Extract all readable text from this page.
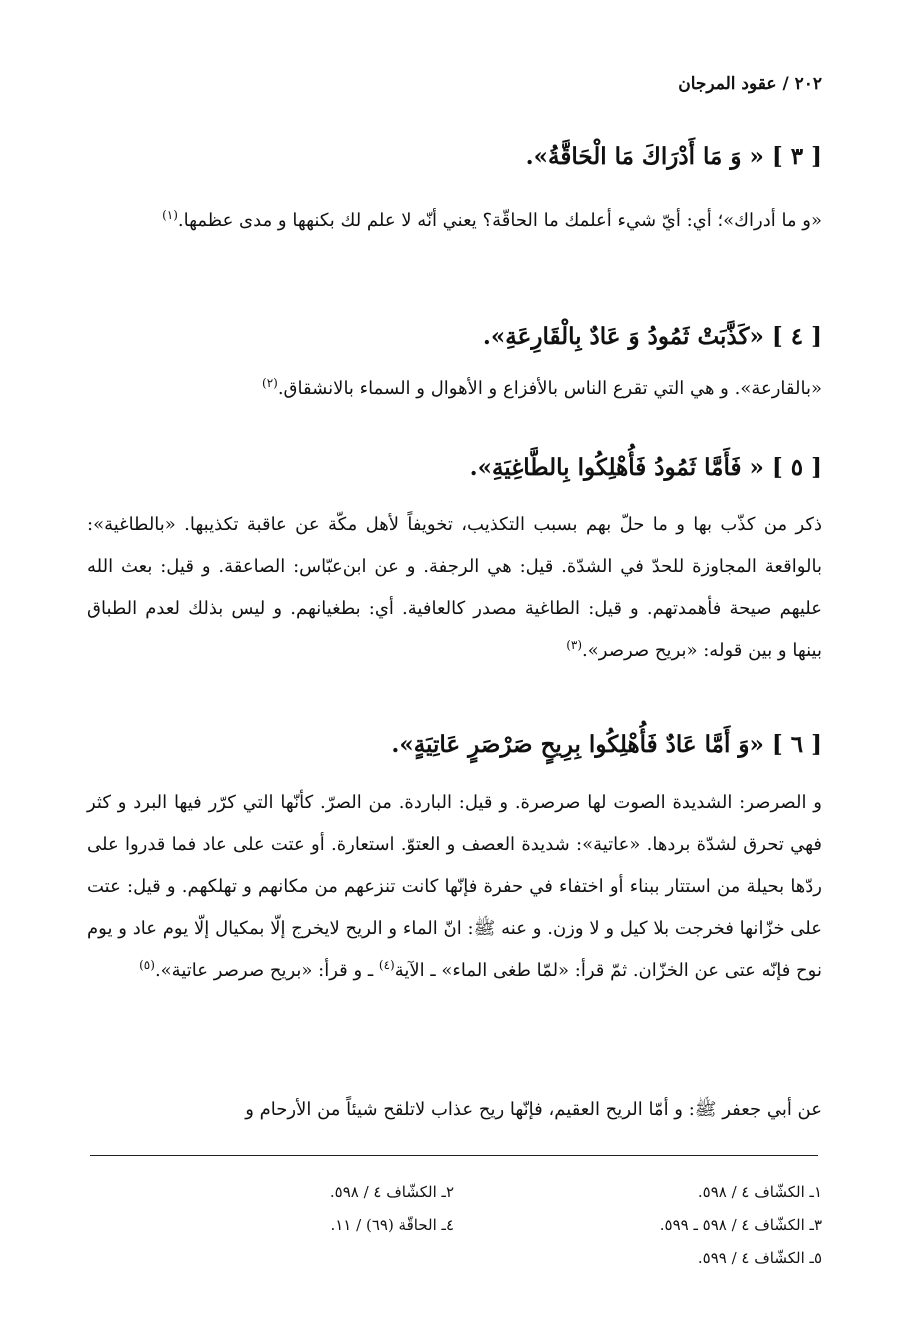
٢٠٢ / عقود المرجان
[ ٣ ] « وَ مَا أَدْرَاكَ مَا الْحَاقَّةُ».
«و ما أدراك»؛ أي: أيّ شيء أعلمك ما الحاقّة؟ يعني أنّه لا علم لك بكنهها و مدى عظمها.$^{(١)}$
[ ٤ ] «كَذَّبَتْ ثَمُودُ وَ عَادٌ بِالْقَارِعَةِ».
«بالقارعة». و هي التي تقرع الناس بالأفزاع و الأهوال و السماء بالانشقاق.$^{(٢)}$
[ ٥ ] « فَأَمَّا ثَمُودُ فَأُهْلِكُوا بِالطَّاغِيَةِ».
ذكر من كذّب بها و ما حلّ بهم بسبب التكذيب، تخويفاً لأهل مكّة عن عاقبة تكذيبها. «بالطاغية»: بالواقعة المجاوزة للحدّ في الشدّة. قيل: هي الرجفة. و عن ابن‌عبّاس: الصاعقة. و قيل: بعث الله عليهم صيحة فأهمدتهم. و قيل: الطاغية مصدر كالعافية. أي: بطغيانهم. و ليس بذلك لعدم الطباق بينها و بين قوله: «بريح صرصر».$^{(٣)}$
[ ٦ ] «وَ أَمَّا عَادٌ فَأُهْلِكُوا بِرِيحٍ صَرْصَرٍ عَاتِيَةٍ».
و الصرصر: الشديدة الصوت لها صرصرة. و قيل: الباردة. من الصرّ. كأنّها التي كرّر فيها البرد و كثر فهي تحرق لشدّة بردها. «عاتية»: شديدة العصف و العتوّ. استعارة. أو عتت على عاد فما قدروا على ردّها بحيلة من استتار ببناء أو اختفاء في حفرة فإنّها كانت تنزعهم من مكانهم و تهلكهم. و قيل: عتت على خزّانها فخرجت بلا كيل و لا وزن. و عنه ﷺ: انّ الماء و الريح لايخرج إلّا بمكيال إلّا يوم عاد و يوم نوح فإنّه عتى عن الخزّان. ثمّ قرأ: «لمّا طغى الماء» ـ الآية$^{(٤)}$ ـ و قرأ: «بريح صرصر عاتية».$^{(٥)}$
عن أبي جعفر ﷺ: و أمّا الريح العقيم، فإنّها ريح عذاب لاتلقح شيئاً من الأرحام و
١ـ الكشّاف ٤ / ٥٩٨.
٢ـ الكشّاف ٤ / ٥٩٨.
٣ـ الكشّاف ٤ / ٥٩٨ ـ ٥٩٩.
٤ـ الحاقّة (٦٩) / ١١.
٥ـ الكشّاف ٤ / ٥٩٩.
